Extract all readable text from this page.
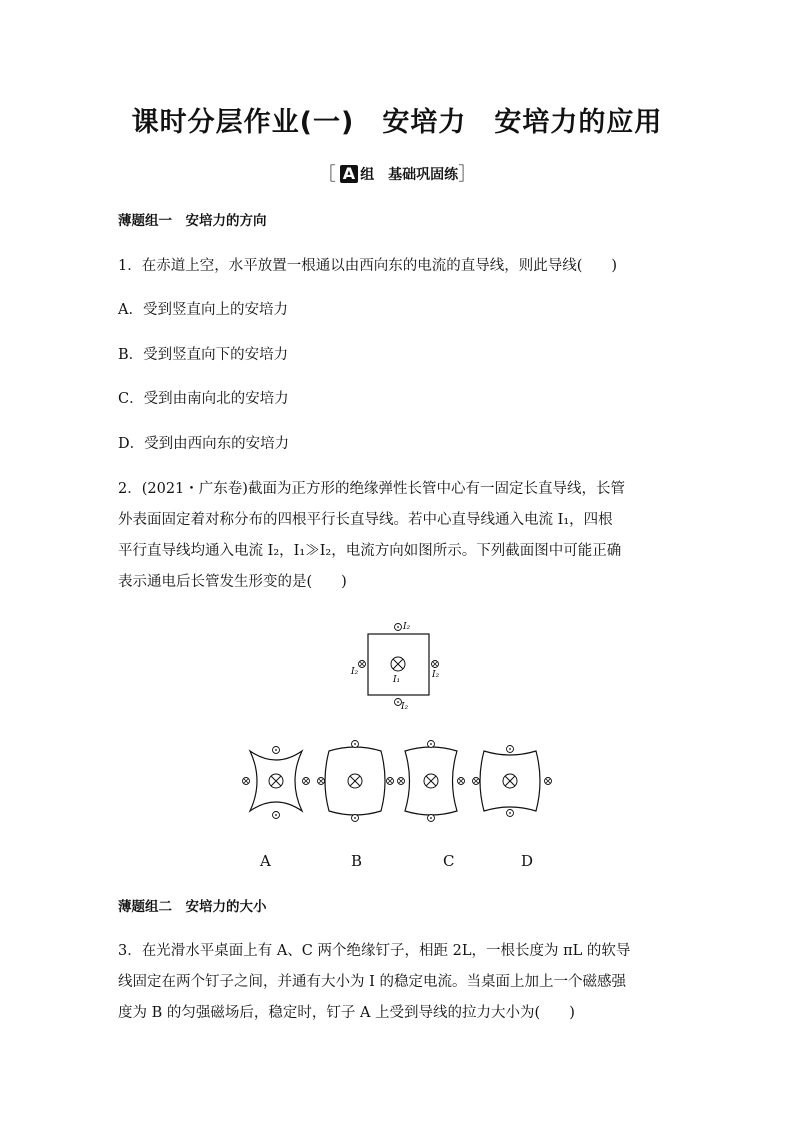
课时分层作业(一)　安培力　安培力的应用
［ A 组　基础巩固练］
薄题组一　安培力的方向
1．在赤道上空，水平放置一根通以由西向东的电流的直导线，则此导线(　　)
A．受到竖直向上的安培力
B．受到竖直向下的安培力
C．受到由南向北的安培力
D．受到由西向东的安培力

2．(2021・广东卷)截面为正方形的绝缘弹性长管中心有一固定长直导线，长管

外表面固定着对称分布的四根平行长直导线。若中心直导线通入电流 I₁，四根

平行直导线均通入电流 I₂，I₁≫I₂，电流方向如图所示。下列截面图中可能正确

表示通电后长管发生形变的是(　　)

I₂
I₂	I₂
I₂
I₁
A	B	C	D
薄题组二　安培力的大小

3．在光滑水平桌面上有 A、C 两个绝缘钉子，相距 2L，一根长度为 πL 的软导

线固定在两个钉子之间，并通有大小为 I 的稳定电流。当桌面上加上一个磁感强

度为 B 的匀强磁场后，稳定时，钉子 A 上受到导线的拉力大小为(　　)
